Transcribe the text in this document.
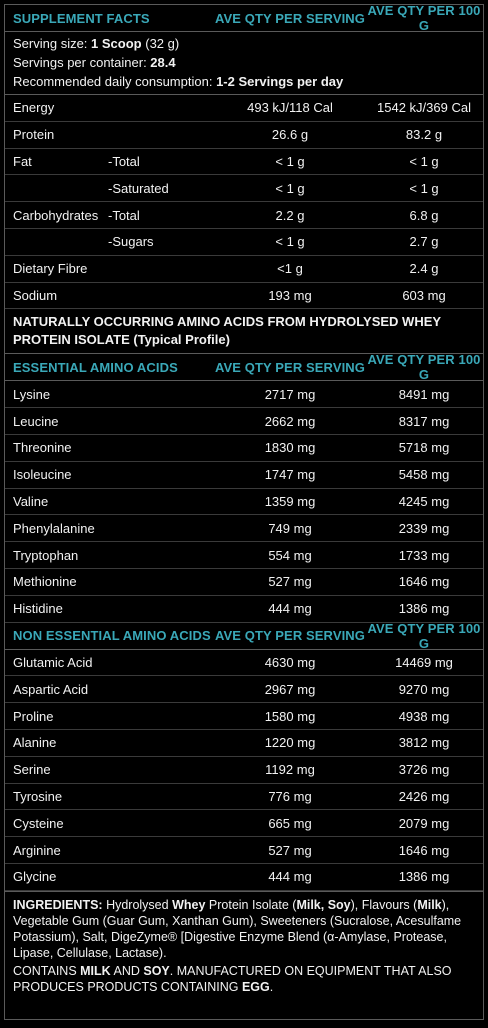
SUPPLEMENT FACTS	AVE QTY PER SERVING AVE QTY PER 100 G
Serving size: 1 Scoop (32 g)
Servings per container: 28.4
Recommended daily consumption: 1-2 Servings per day
Energy	493 kJ/118 Cal	1542 kJ/369 Cal
Protein	26.6 g	83.2 g
Fat	-Total	< 1 g	< 1 g
-Saturated	< 1 g	< 1 g
Carbohydrates -Total	2.2 g	6.8 g
-Sugars	< 1 g	2.7 g
Dietary Fibre	<1 g	2.4 g
Sodium	193 mg	603 mg
NATURALLY OCCURRING AMINO ACIDS FROM HYDROLYSED WHEY PROTEIN ISOLATE (Typical Profile)
ESSENTIAL AMINO ACIDS	AVE QTY PER SERVING AVE QTY PER 100 G
Lysine	2717 mg	8491 mg
Leucine	2662 mg	8317 mg
Threonine	1830 mg	5718 mg
Isoleucine	1747 mg	5458 mg
Valine	1359 mg	4245 mg
Phenylalanine	749 mg	2339 mg
Tryptophan	554 mg	1733 mg
Methionine	527 mg	1646 mg
Histidine	444 mg	1386 mg
NON ESSENTIAL AMINO ACIDS AVE QTY PER SERVING AVE QTY PER 100 G
Glutamic Acid	4630 mg	14469 mg
Aspartic Acid	2967 mg	9270 mg
Proline	1580 mg	4938 mg
Alanine	1220 mg	3812 mg
Serine	1192 mg	3726 mg
Tyrosine	776 mg	2426 mg
Cysteine	665 mg	2079 mg
Arginine	527 mg	1646 mg
Glycine	444 mg	1386 mg

INGREDIENTS: Hydrolysed Whey Protein Isolate (Milk, Soy), Flavours (Milk), Vegetable Gum (Guar Gum, Xanthan Gum), Sweeteners (Sucralose, Acesulfame Potassium), Salt, DigeZyme® [Digestive Enzyme Blend (α-Amylase, Protease, Lipase, Cellulase, Lactase).

CONTAINS MILK AND SOY. MANUFACTURED ON EQUIPMENT THAT ALSO PRODUCES PRODUCTS CONTAINING EGG.
